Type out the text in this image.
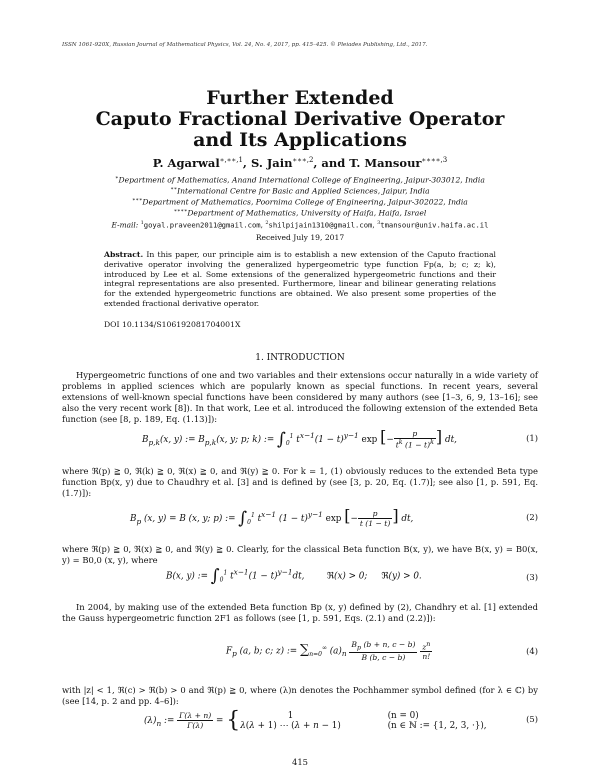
ISSN 1061-920X, Russian Journal of Mathematical Physics, Vol. 24, No. 4, 2017, pp. 415–425. © Pleiades Publishing, Ltd., 2017.
Further Extended
Caputo Fractional Derivative Operator
and Its Applications
P. Agarwal$^{∗,∗∗,1}$, S. Jain$^{∗∗∗,2}$, and T. Mansour$^{∗∗∗∗,3}$
∗Department of Mathematics, Anand International College of Engineering, Jaipur-303012, India
∗∗International Centre for Basic and Applied Sciences, Jaipur, India
∗∗∗Department of Mathematics, Poornima College of Engineering, Jaipur-302022, India
∗∗∗∗Department of Mathematics, University of Haifa, Haifa, Israel
E-mail: $^1$goyal.praveen2011@gmail.com, $^2$shilpijain1310@gmail.com, $^3$tmansour@univ.haifa.ac.il
Received July 19, 2017
Abstract. In this paper, our principle aim is to establish a new extension of the Caputo fractional derivative operator involving the generalized hypergeometric type function Fp(a, b; c; z; k), introduced by Lee et al. Some extensions of the generalized hypergeometric functions and their integral representations are also presented. Furthermore, linear and bilinear generating relations for the extended hypergeometric functions are obtained. We also present some properties of the extended fractional derivative operator.
DOI 10.1134/S106192081704001X
1. INTRODUCTION
Hypergeometric functions of one and two variables and their extensions occur naturally in a wide variety of problems in applied sciences which are popularly known as special functions. In recent years, several extensions of well-known special functions have been considered by many authors (see [1–3, 6, 9, 13–16]; see also the very recent work [8]). In that work, Lee et al. introduced the following extension of the extended Beta function (see [8, p. 189, Eq. (1.13)]):
$B_{p,k}(x$, y) := $B_{p,k}(x$, y; p; k) := $\int_0^1$ $t^{x-1}(1 - t)^{y-1}$ exp [− $\frac{p}{t^k (1 - t)^k}$ ] dt,	(1)
where ℜ(p) ≧ 0, ℜ(k) ≧ 0, ℜ(x) ≧ 0, and ℜ(y) ≧ 0. For k = 1, (1) obviously reduces to the extended Beta type function Bp(x, y) due to Chaudhry et al. [3] and is defined by (see [3, p. 20, Eq. (1.7)]; see also [1, p. 591, Eq.(1.7)]):
$B_p$ (x, y) = B (x, y; p) := $\int_0^1$ $t^{x-1}$ $(1 - t)^{y-1}$ exp [− $\frac{p}{t (1 - t)}$ ] dt,	(2)
where ℜ(p) ≧ 0, ℜ(x) ≧ 0, and ℜ(y) ≧ 0. Clearly, for the classical Beta function B(x, y), we have B(x, y) = B0(x, y) = B0,0 (x, y), where
B(x, y) := $\int_0^1$ $t^{x-1}(1 - t)^{y-1}dt$,        ℜ(x) > 0;     ℜ(y) > 0.	(3)
In 2004, by making use of the extended Beta function Bp (x, y) defined by (2), Chandhry et al. [1] extended the Gauss hypergeometric function 2F1 as follows (see [1, p. 591, Eqs. (2.1) and (2.2)]):
$F_p$ (a, b; c; z) := $\sum_{n=0}^\infty$ $(a)_n \frac{B_p (b + n, c - b)}{B (b, c - b)}$
$\frac{z^n}{n!}$	(4)
with |z| < 1, ℜ(c) > ℜ(b) > 0 and ℜ(p) ≧ 0, where (λ)n denotes the Pochhammer symbol defined (for λ ∈ ℂ) by (see [14, p. 2 and pp. 4–6]):
$(\lambda)_n$ := $\frac{\Gamma(\lambda + n)}{\Gamma(\lambda)}$ = {	1
λ(λ + 1) ⋯ (λ + n − 1)

(n = 0)
(n ∈ ℕ := {1, 2, 3, ·}),
(5)
415
